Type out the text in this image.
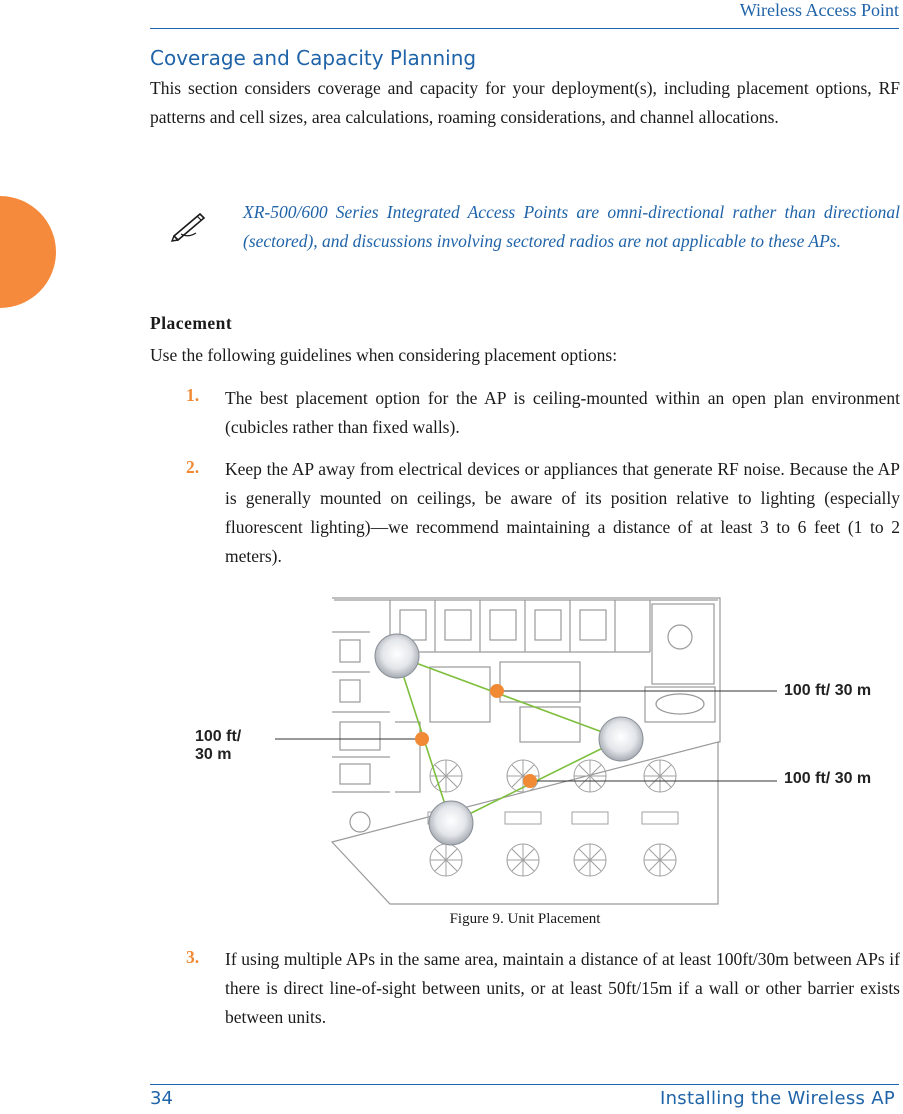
Wireless Access Point
Coverage and Capacity Planning
This section considers coverage and capacity for your deployment(s), including placement options, RF patterns and cell sizes, area calculations, roaming considerations, and channel allocations.
XR-500/600 Series Integrated Access Points are omni-directional rather than directional (sectored), and discussions involving sectored radios are not applicable to these APs.
Placement
Use the following guidelines when considering placement options:
1. The best placement option for the AP is ceiling-mounted within an open plan environment (cubicles rather than fixed walls).
2. Keep the AP away from electrical devices or appliances that generate RF noise. Because the AP is generally mounted on ceilings, be aware of its position relative to lighting (especially fluorescent lighting)—we recommend maintaining a distance of at least 3 to 6 feet (1 to 2 meters).
100 ft/
30 m
100 ft/ 30 m
100 ft/ 30 m
Figure 9. Unit Placement
3. If using multiple APs in the same area, maintain a distance of at least 100ft/30m between APs if there is direct line-of-sight between units, or at least 50ft/15m if a wall or other barrier exists between units.
34	Installing the Wireless AP
